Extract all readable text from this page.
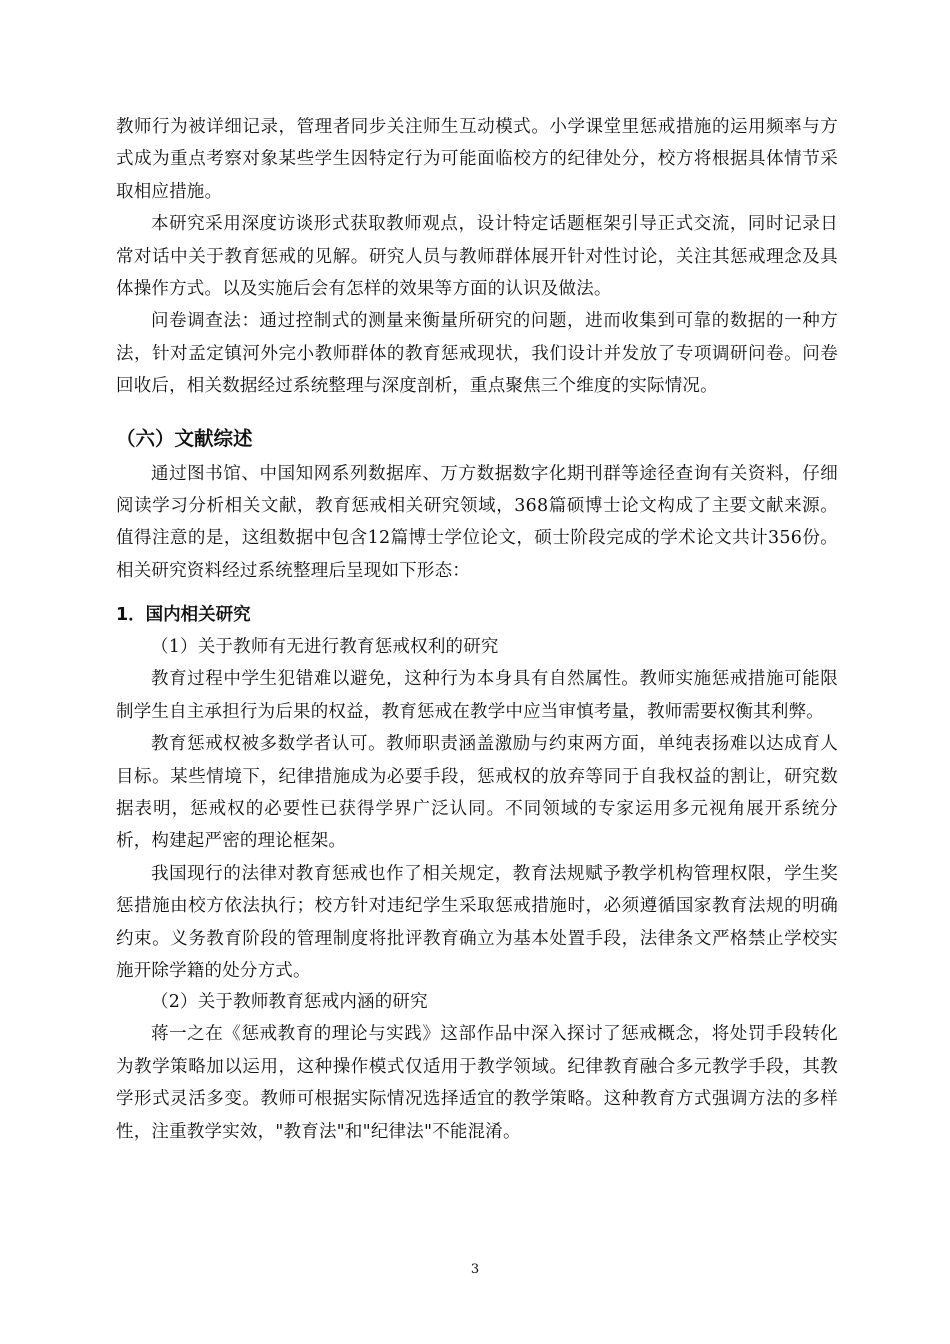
教师行为被详细记录，管理者同步关注师生互动模式。小学课堂里惩戒措施的运用频率与方式成为重点考察对象某些学生因特定行为可能面临校方的纪律处分，校方将根据具体情节采取相应措施。

本研究采用深度访谈形式获取教师观点，设计特定话题框架引导正式交流，同时记录日常对话中关于教育惩戒的见解。研究人员与教师群体展开针对性讨论，关注其惩戒理念及具体操作方式。以及实施后会有怎样的效果等方面的认识及做法。

问卷调查法：通过控制式的测量来衡量所研究的问题，进而收集到可靠的数据的一种方法，针对孟定镇河外完小教师群体的教育惩戒现状，我们设计并发放了专项调研问卷。问卷回收后，相关数据经过系统整理与深度剖析，重点聚焦三个维度的实际情况。

（六）文献综述

通过图书馆、中国知网系列数据库、万方数据数字化期刊群等途径查询有关资料，仔细阅读学习分析相关文献，教育惩戒相关研究领域，368篇硕博士论文构成了主要文献来源。值得注意的是，这组数据中包含12篇博士学位论文，硕士阶段完成的学术论文共计356份。相关研究资料经过系统整理后呈现如下形态：

1．国内相关研究

（1）关于教师有无进行教育惩戒权利的研究

教育过程中学生犯错难以避免，这种行为本身具有自然属性。教师实施惩戒措施可能限制学生自主承担行为后果的权益，教育惩戒在教学中应当审慎考量，教师需要权衡其利弊。

教育惩戒权被多数学者认可。教师职责涵盖激励与约束两方面，单纯表扬难以达成育人目标。某些情境下，纪律措施成为必要手段，惩戒权的放弃等同于自我权益的割让，研究数据表明，惩戒权的必要性已获得学界广泛认同。不同领域的专家运用多元视角展开系统分析，构建起严密的理论框架。

我国现行的法律对教育惩戒也作了相关规定，教育法规赋予教学机构管理权限，学生奖惩措施由校方依法执行；校方针对违纪学生采取惩戒措施时，必须遵循国家教育法规的明确约束。义务教育阶段的管理制度将批评教育确立为基本处置手段，法律条文严格禁止学校实施开除学籍的处分方式。

（2）关于教师教育惩戒内涵的研究

蒋一之在《惩戒教育的理论与实践》这部作品中深入探讨了惩戒概念，将处罚手段转化为教学策略加以运用，这种操作模式仅适用于教学领域。纪律教育融合多元教学手段，其教学形式灵活多变。教师可根据实际情况选择适宜的教学策略。这种教育方式强调方法的多样性，注重教学实效，"教育法"和"纪律法"不能混淆。

3
